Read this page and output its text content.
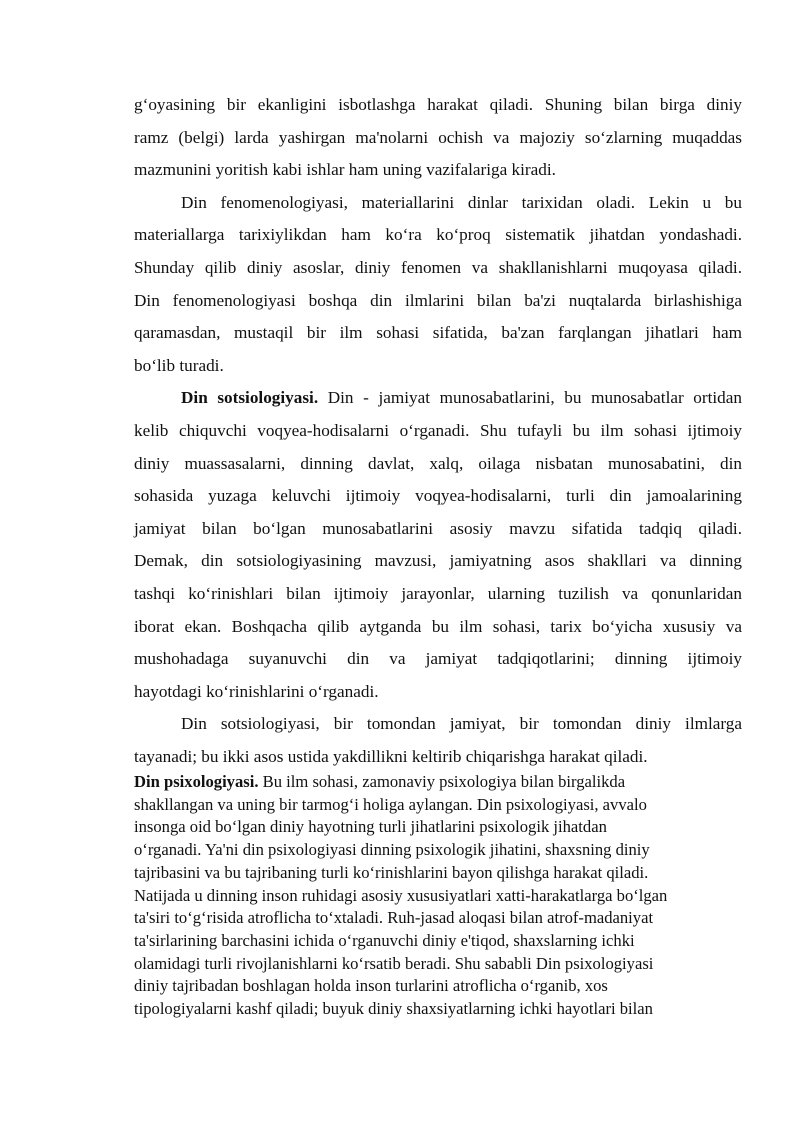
g‘oyasining bir ekanligini isbotlashga harakat qiladi. Shuning bilan birga diniy
ramz (belgi) larda yashirgan ma'nolarni ochish va majoziy so‘zlarning muqaddas
mazmunini yoritish kabi ishlar ham uning vazifalariga kiradi.
Din fenomenologiyasi, materiallarini dinlar tarixidan oladi. Lekin u bu
materiallarga tarixiylikdan ham ko‘ra ko‘proq sistematik jihatdan yondashadi.
Shunday qilib diniy asoslar, diniy fenomen va shakllanishlarni muqoyasa qiladi.
Din fenomenologiyasi boshqa din ilmlarini bilan ba'zi nuqtalarda birlashishiga
qaramasdan, mustaqil bir ilm sohasi sifatida, ba'zan farqlangan jihatlari ham
bo‘lib turadi.
Din sotsiologiyasi. Din - jamiyat munosabatlarini, bu munosabatlar ortidan
kelib chiquvchi voqyea-hodisalarni o‘rganadi. Shu tufayli bu ilm sohasi ijtimoiy
diniy muassasalarni, dinning davlat, xalq, oilaga nisbatan munosabatini, din
sohasida yuzaga keluvchi ijtimoiy voqyea-hodisalarni, turli din jamoalarining
jamiyat bilan bo‘lgan munosabatlarini asosiy mavzu sifatida tadqiq qiladi.
Demak, din sotsiologiyasining mavzusi, jamiyatning asos shakllari va dinning
tashqi ko‘rinishlari bilan ijtimoiy jarayonlar, ularning tuzilish va qonunlaridan
iborat ekan. Boshqacha qilib aytganda bu ilm sohasi, tarix bo‘yicha xususiy va
mushohadaga suyanuvchi din va jamiyat tadqiqotlarini; dinning ijtimoiy
hayotdagi ko‘rinishlarini o‘rganadi.
Din sotsiologiyasi, bir tomondan jamiyat, bir tomondan diniy ilmlarga
tayanadi; bu ikki asos ustida yakdillikni keltirib chiqarishga harakat qiladi.
Din psixologiyasi. Bu ilm sohasi, zamonaviy psixologiya bilan birgalikda
shakllangan va uning bir tarmog‘i holiga aylangan. Din psixologiyasi, avvalo
insonga oid bo‘lgan diniy hayotning turli jihatlarini psixologik jihatdan
o‘rganadi. Ya'ni din psixologiyasi dinning psixologik jihatini, shaxsning diniy
tajribasini va bu tajribaning turli ko‘rinishlarini bayon qilishga harakat qiladi.
Natijada u dinning inson ruhidagi asosiy xususiyatlari xatti-harakatlarga bo‘lgan
ta'siri to‘g‘risida atroflicha to‘xtaladi. Ruh-jasad aloqasi bilan atrof-madaniyat
ta'sirlarining barchasini ichida o‘rganuvchi diniy e'tiqod, shaxslarning ichki
olamidagi turli rivojlanishlarni ko‘rsatib beradi. Shu sababli Din psixologiyasi
diniy tajribadan boshlagan holda inson turlarini atroflicha o‘rganib, xos
tipologiyalarni kashf qiladi; buyuk diniy shaxsiyatlarning ichki hayotlari bilan
